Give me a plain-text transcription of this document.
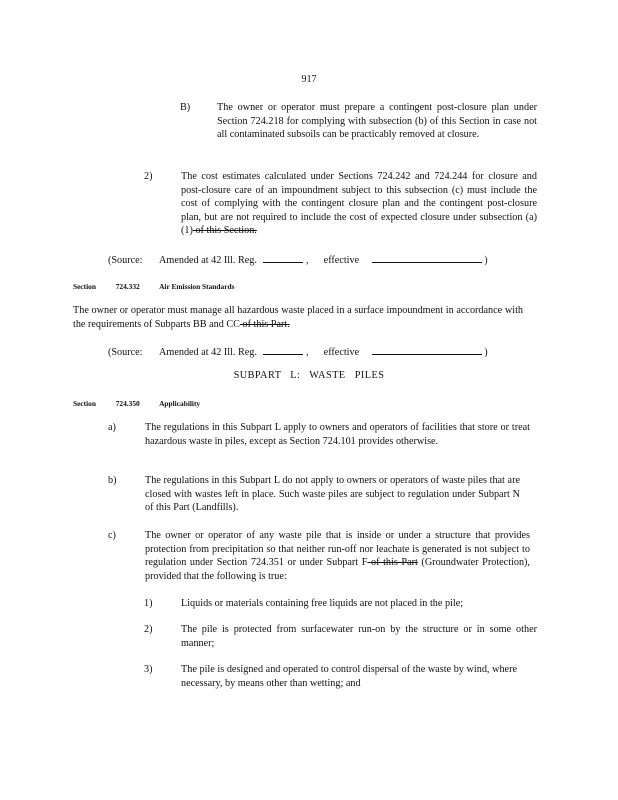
917
B)	The owner or operator must prepare a contingent post-closure plan under Section 724.218 for complying with subsection (b) of this Section in case not all contaminated subsoils can be practicably removed at closure.

2)	The cost estimates calculated under Sections 724.242 and 724.244 for closure and post-closure care of an impoundment subject to this subsection (c) must include the cost of complying with the contingent closure plan and the contingent post-closure plan, but are not required to include the cost of expected closure under subsection (a)(1) of this Section.

(Source: Amended at 42 Ill. Reg.	, effective	)
Section	724.332	Air Emission Standards
The owner or operator must manage all hazardous waste placed in a surface impoundment in accordance with the requirements of Subparts BB and CC of this Part.
(Source: Amended at 42 Ill. Reg.	, effective	)
SUBPART L: WASTE PILES
Section	724.350	Applicability
a)	The regulations in this Subpart L apply to owners and operators of facilities that store or treat hazardous waste in piles, except as Section 724.101 provides otherwise.

b)	The regulations in this Subpart L do not apply to owners or operators of waste piles that are closed with wastes left in place. Such waste piles are subject to regulation under Subpart N of this Part (Landfills).

c)	The owner or operator of any waste pile that is inside or under a structure that provides protection from precipitation so that neither run-off nor leachate is generated is not subject to regulation under Section 724.351 or under Subpart F of this Part (Groundwater Protection), provided that the following is true:

1)	Liquids or materials containing free liquids are not placed in the pile;

2)	The pile is protected from surfacewater run-on by the structure or in some other manner;

3)	The pile is designed and operated to control dispersal of the waste by wind, where necessary, by means other than wetting; and
